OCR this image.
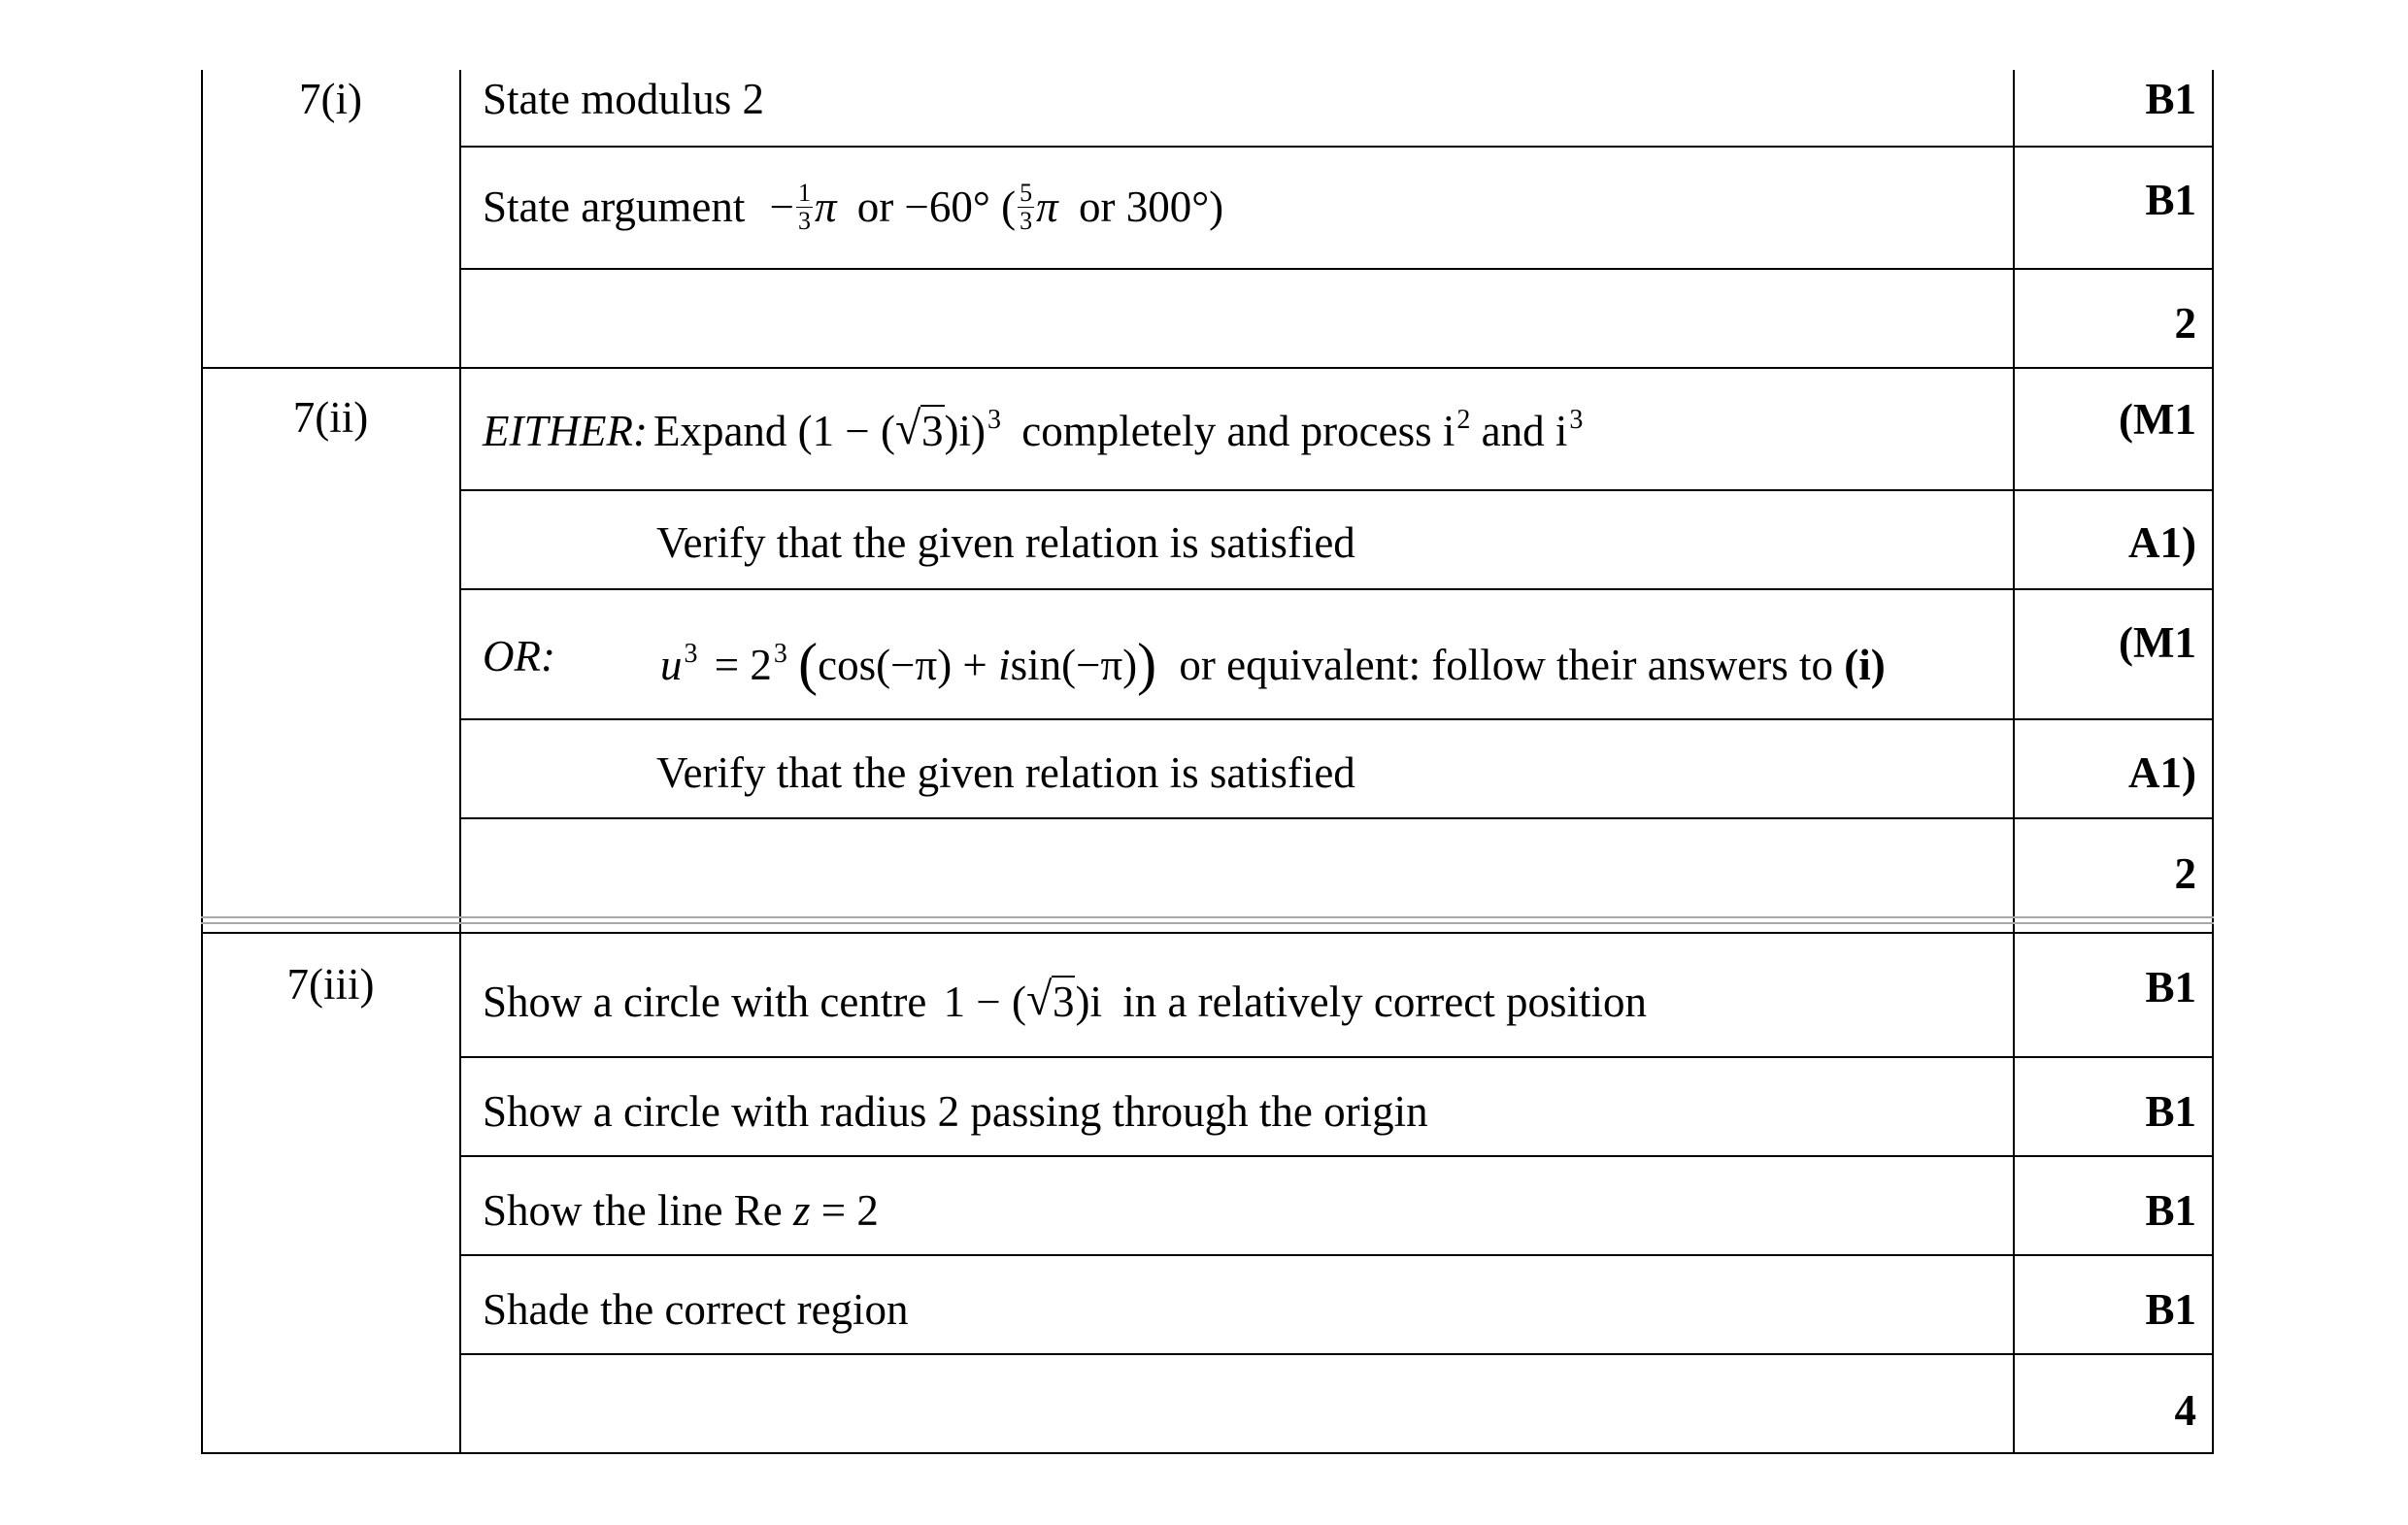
7(i)	State modulus 2	B1
State argument − $\frac{1}{3}$ π or −60° ( $\frac{5}{3}$ π or 300°)	B1
2
7(ii)	EITHER: Expand (1 − ( √ 3)i)$^3$ completely and process $i^2$ and $i^3$	(M1
Verify that the given relation is satisfied	A1)
OR: $u^3 = 2^3$ (cos(−π) + isin(−π)) or equivalent: follow their answers to (i)	(M1
Verify that the given relation is satisfied	A1)
2
7(iii)	Show a circle with centre 1 − ( √ 3)i in a relatively correct position	B1
Show a circle with radius 2 passing through the origin	B1
Show the line Re z = 2	B1
Shade the correct region	B1
4
